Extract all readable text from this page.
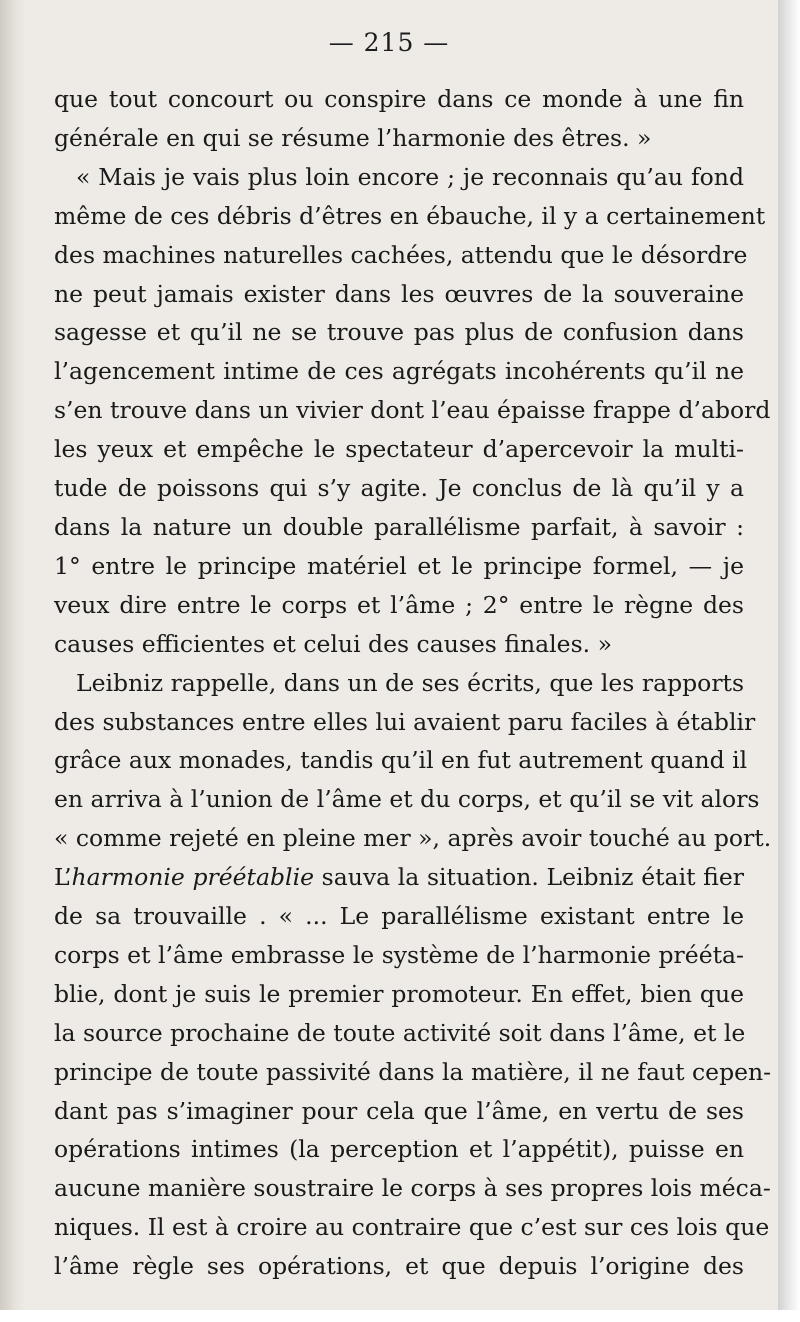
— 215 —
que tout concourt ou conspire dans ce monde à une fin
générale en qui se résume l’harmonie des êtres. »
« Mais je vais plus loin encore ; je reconnais qu’au fond
même de ces débris d’êtres en ébauche, il y a certainement
des machines naturelles cachées, attendu que le désordre
ne peut jamais exister dans les œuvres de la souveraine
sagesse et qu’il ne se trouve pas plus de confusion dans
l’agencement intime de ces agrégats incohérents qu’il ne
s’en trouve dans un vivier dont l’eau épaisse frappe d’abord
les yeux et empêche le spectateur d’apercevoir la multi-
tude de poissons qui s’y agite. Je conclus de là qu’il y a
dans la nature un double parallélisme parfait, à savoir :
1° entre le principe matériel et le principe formel, — je
veux dire entre le corps et l’âme ; 2° entre le règne des
causes efficientes et celui des causes finales. »
Leibniz rappelle, dans un de ses écrits, que les rapports
des substances entre elles lui avaient paru faciles à établir
grâce aux monades, tandis qu’il en fut autrement quand il
en arriva à l’union de l’âme et du corps, et qu’il se vit alors
« comme rejeté en pleine mer », après avoir touché au port.
L’harmonie préétablie sauva la situation. Leibniz était fier
de sa trouvaille . « ... Le parallélisme existant entre le
corps et l’âme embrasse le système de l’harmonie prééta-
blie, dont je suis le premier promoteur. En effet, bien que
la source prochaine de toute activité soit dans l’âme, et le
principe de toute passivité dans la matière, il ne faut cepen-
dant pas s’imaginer pour cela que l’âme, en vertu de ses
opérations intimes (la perception et l’appétit), puisse en
aucune manière soustraire le corps à ses propres lois méca-
niques. Il est à croire au contraire que c’est sur ces lois que
l’âme règle ses opérations, et que depuis l’origine des
